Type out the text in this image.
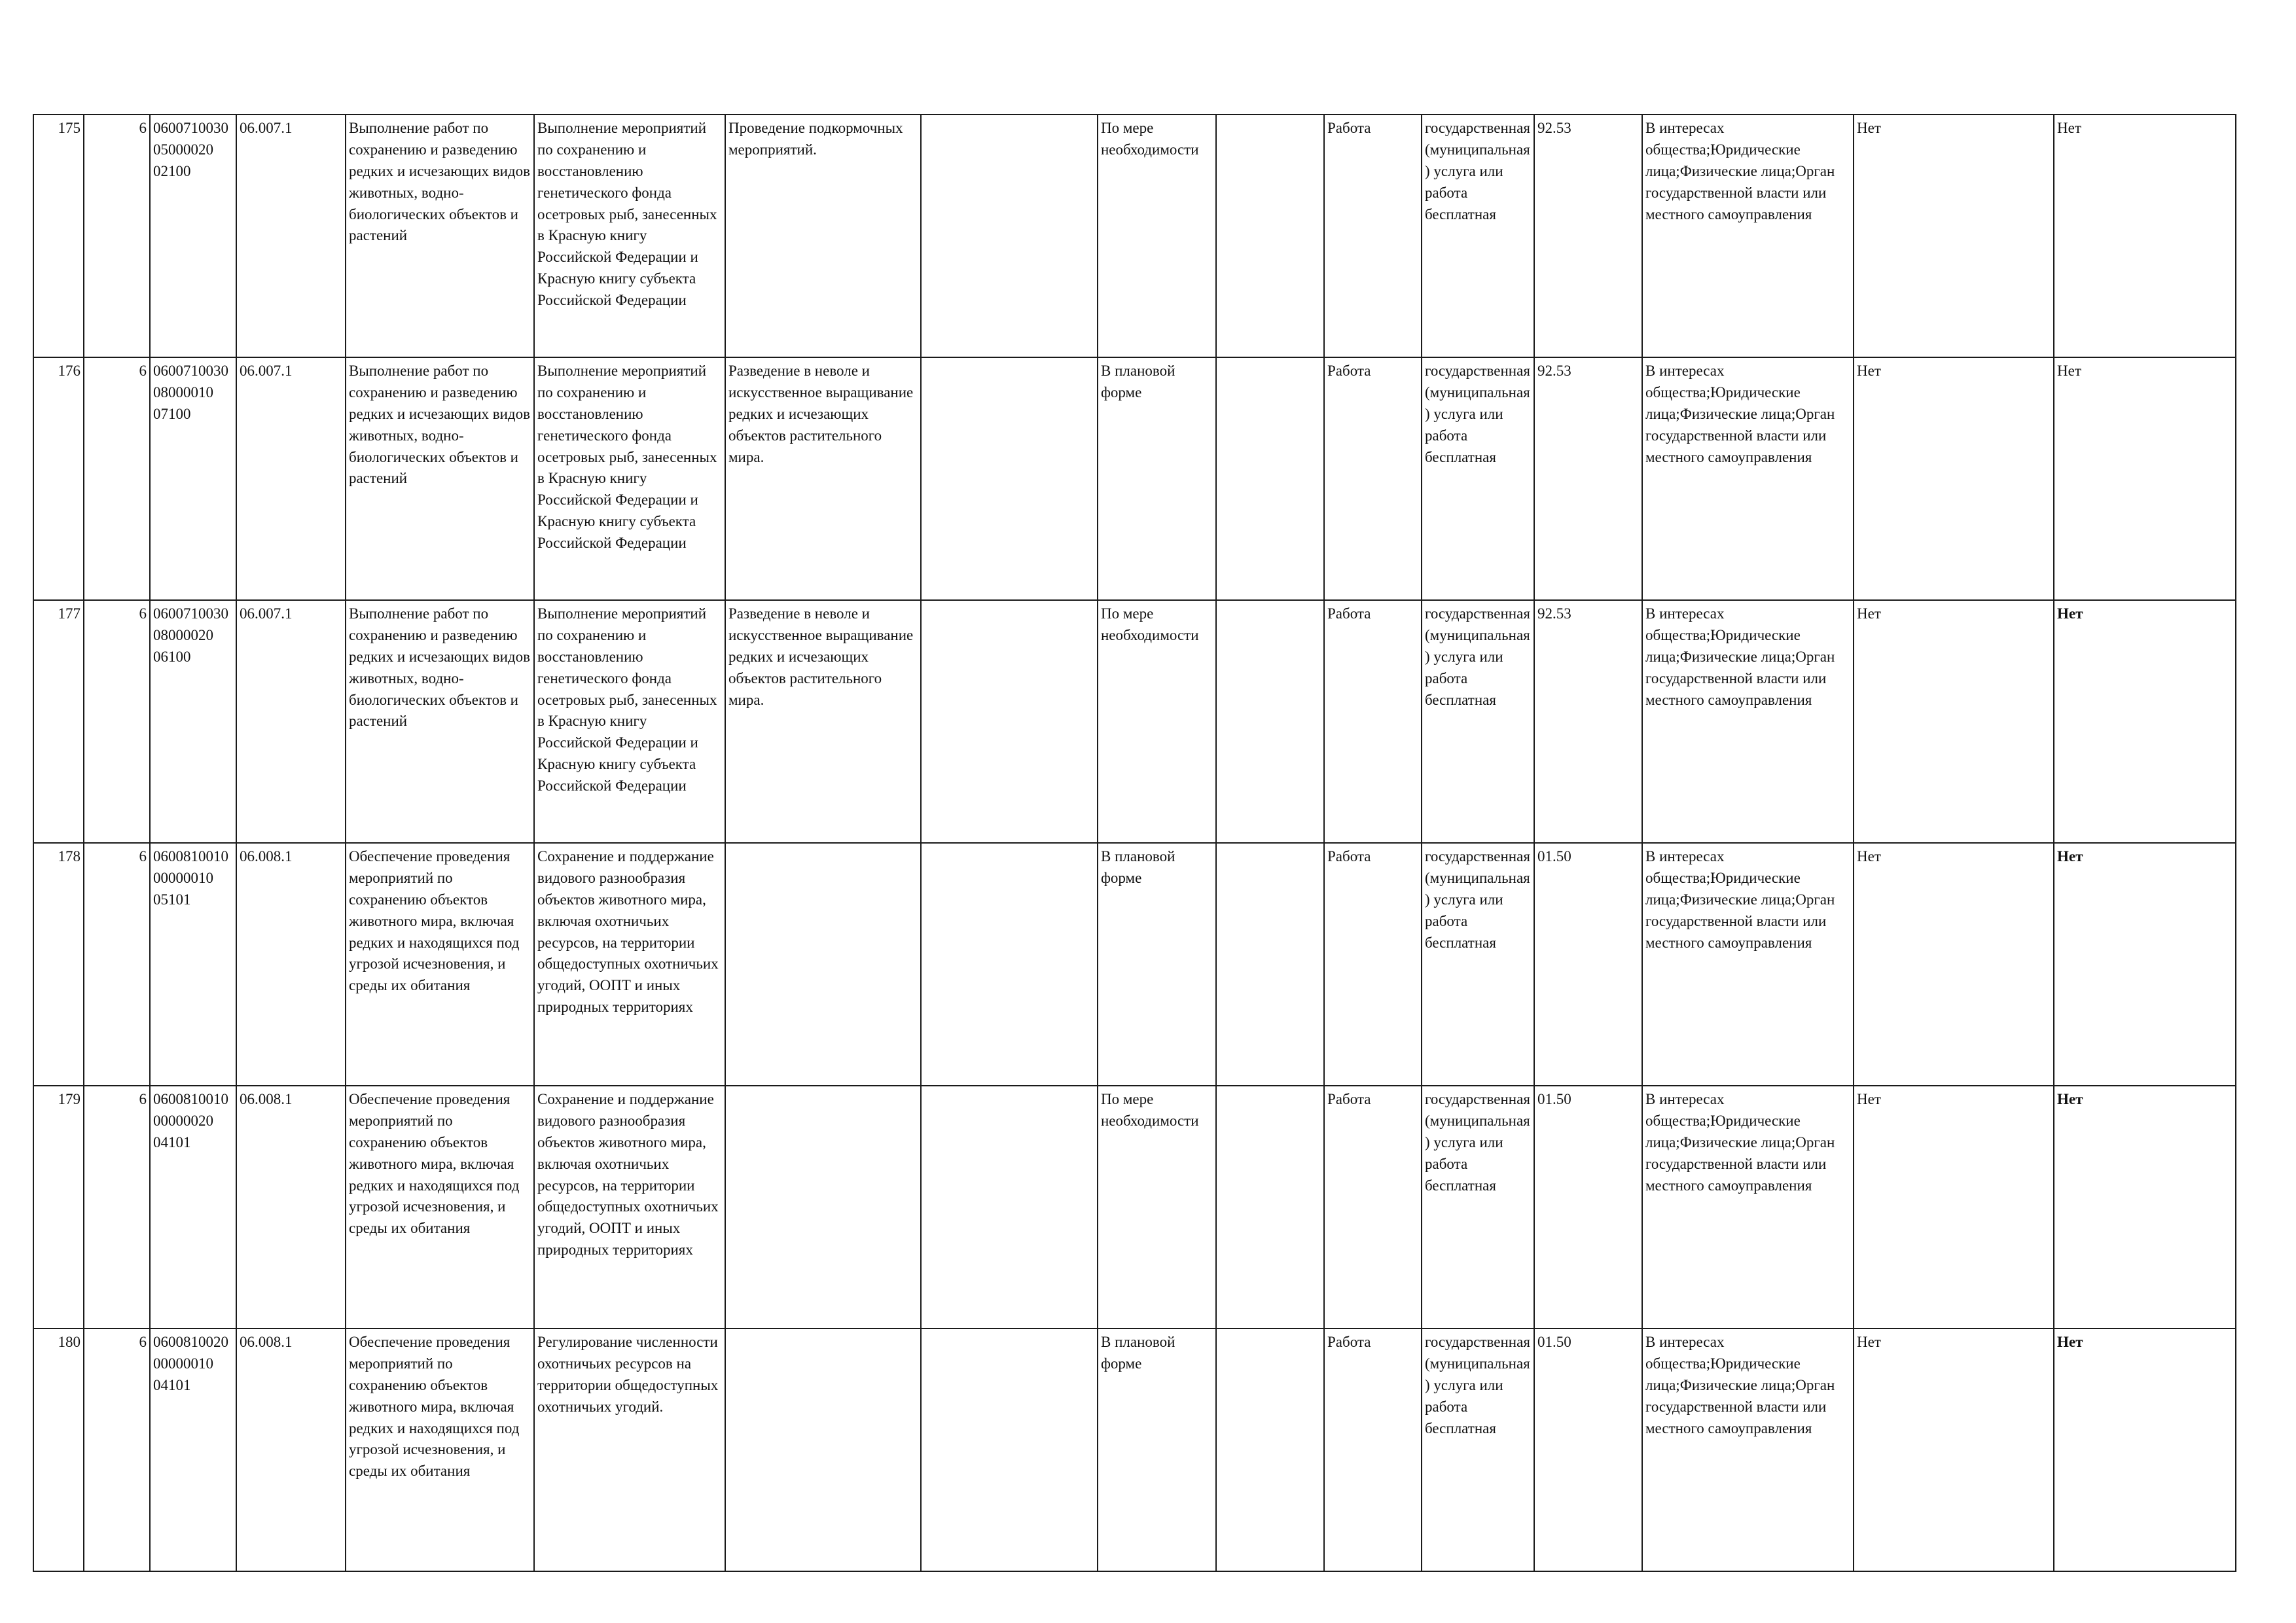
175	6	060071003005000020 02100	06.007.1	Выполнение работ по сохранению и разведению редких и исчезающих видов животных, водно-биологических объектов и растений	Выполнение мероприятий по сохранению и восстановлению генетического фонда осетровых рыб, занесенных в Красную книгу Российской Федерации и Красную книгу субъекта Российской Федерации	Проведение подкормочных мероприятий.		По мере необходимости		Работа	государственная (муниципальная) услуга или работа бесплатная	92.53	В интересах общества;Юридические лица;Физические лица;Орган государственной власти или местного самоуправления	Нет	Нет
176	6	060071003008000010 07100	06.007.1	Выполнение работ по сохранению и разведению редких и исчезающих видов животных, водно-биологических объектов и растений	Выполнение мероприятий по сохранению и восстановлению генетического фонда осетровых рыб, занесенных в Красную книгу Российской Федерации и Красную книгу субъекта Российской Федерации	Разведение в неволе и искусственное выращивание редких и исчезающих объектов растительного мира.		В плановой форме		Работа	государственная (муниципальная) услуга или работа бесплатная	92.53	В интересах общества;Юридические лица;Физические лица;Орган государственной власти или местного самоуправления	Нет	Нет
177	6	060071003008000020 06100	06.007.1	Выполнение работ по сохранению и разведению редких и исчезающих видов животных, водно-биологических объектов и растений	Выполнение мероприятий по сохранению и восстановлению генетического фонда осетровых рыб, занесенных в Красную книгу Российской Федерации и Красную книгу субъекта Российской Федерации	Разведение в неволе и искусственное выращивание редких и исчезающих объектов растительного мира.		По мере необходимости		Работа	государственная (муниципальная) услуга или работа бесплатная	92.53	В интересах общества;Юридические лица;Физические лица;Орган государственной власти или местного самоуправления	Нет	Нет
178	6	060081001000000010 05101	06.008.1	Обеспечение проведения мероприятий по сохранению объектов животного мира, включая редких и находящихся под угрозой исчезновения, и среды их обитания	Сохранение и поддержание видового разнообразия объектов животного мира, включая охотничьих ресурсов, на территории общедоступных охотничьих угодий, ООПТ и иных природных территориях			В плановой форме		Работа	государственная (муниципальная) услуга или работа бесплатная	01.50	В интересах общества;Юридические лица;Физические лица;Орган государственной власти или местного самоуправления	Нет	Нет
179	6	060081001000000020 04101	06.008.1	Обеспечение проведения мероприятий по сохранению объектов животного мира, включая редких и находящихся под угрозой исчезновения, и среды их обитания	Сохранение и поддержание видового разнообразия объектов животного мира, включая охотничьих ресурсов, на территории общедоступных охотничьих угодий, ООПТ и иных природных территориях			По мере необходимости		Работа	государственная (муниципальная) услуга или работа бесплатная	01.50	В интересах общества;Юридические лица;Физические лица;Орган государственной власти или местного самоуправления	Нет	Нет
180	6	060081002000000010 04101	06.008.1	Обеспечение проведения мероприятий по сохранению объектов животного мира, включая редких и находящихся под угрозой исчезновения, и среды их обитания	Регулирование численности охотничьих ресурсов на территории общедоступных охотничьих угодий.			В плановой форме		Работа	государственная (муниципальная) услуга или работа бесплатная	01.50	В интересах общества;Юридические лица;Физические лица;Орган государственной власти или местного самоуправления	Нет	Нет
